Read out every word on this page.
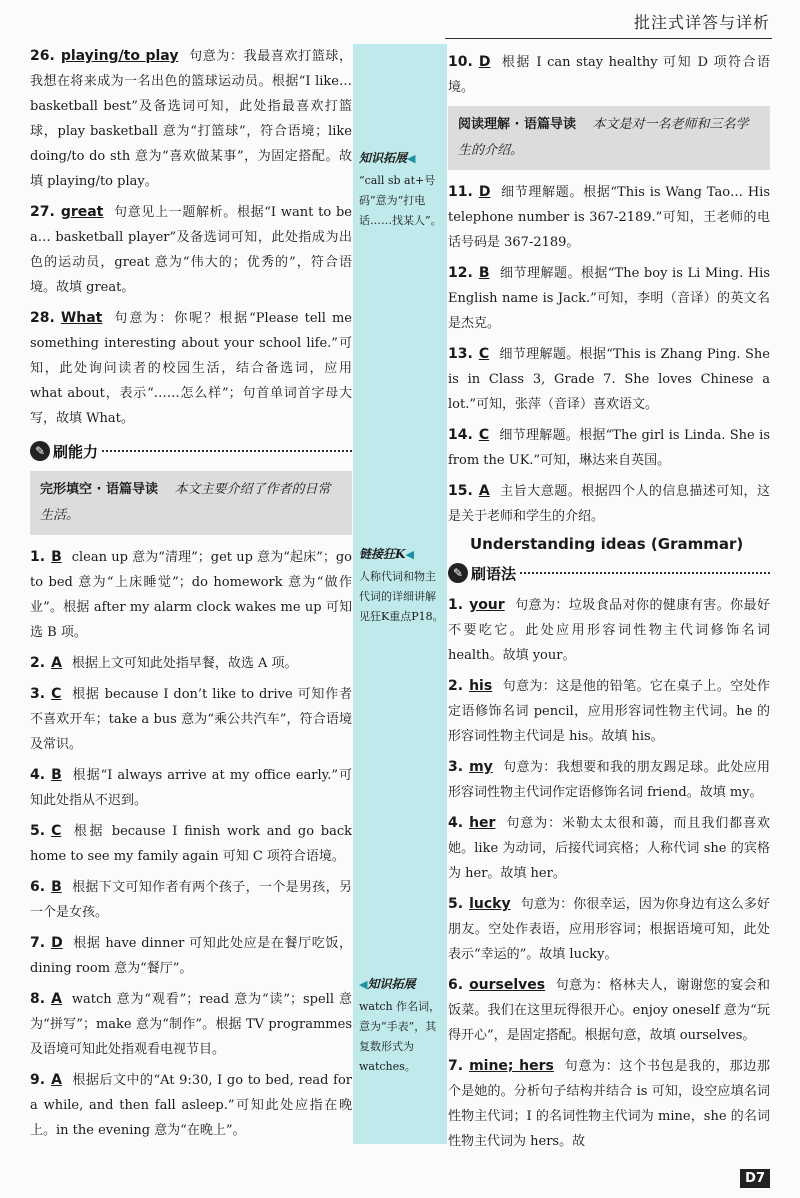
批注式详答与详析
26. playing/to play 句意为：我最喜欢打篮球，我想在将来成为一名出色的篮球运动员。根据“I like… basketball best”及备选词可知，此处指最喜欢打篮球，play basketball 意为“打篮球”，符合语境；like doing/to do sth 意为“喜欢做某事”，为固定搭配。故填 playing/to play。
27. great 句意见上一题解析。根据“I want to be a… basketball player”及备选词可知，此处指成为出色的运动员，great 意为“伟大的；优秀的”，符合语境。故填 great。
28. What 句意为：你呢？根据“Please tell me something interesting about your school life.”可知，此处询问读者的校园生活，结合备选词，应用 what about，表示“……怎么样”；句首单词首字母大写，故填 What。
✎ 刷能力
完形填空 · 语篇导读 本文主要介绍了作者的日常生活。
1. B clean up 意为“清理”；get up 意为“起床”；go to bed 意为“上床睡觉”；do homework 意为“做作业”。根据 after my alarm clock wakes me up 可知选 B 项。
2. A 根据上文可知此处指早餐，故选 A 项。
3. C 根据 because I don’t like to drive 可知作者不喜欢开车；take a bus 意为“乘公共汽车”，符合语境及常识。
4. B 根据“I always arrive at my office early.”可知此处指从不迟到。
5. C 根据 because I finish work and go back home to see my family again 可知 C 项符合语境。
6. B 根据下文可知作者有两个孩子，一个是男孩，另一个是女孩。
7. D 根据 have dinner 可知此处应是在餐厅吃饭，dining room 意为“餐厅”。
8. A watch 意为“观看”；read 意为“读”；spell 意为“拼写”；make 意为“制作”。根据 TV programmes 及语境可知此处指观看电视节目。
9. A 根据后文中的“At 9:30, I go to bed, read for a while, and then fall asleep.”可知此处应指在晚上。in the evening 意为“在晚上”。
知识拓展◀
“call sb at+号码”意为“打电话……找某人”。
链接狂K◀
人称代词和物主代词的详细讲解见狂K重点P18。
◀知识拓展
watch 作名词，意为“手表”，其复数形式为watches。
10. D 根据 I can stay healthy 可知 D 项符合语境。
阅读理解 · 语篇导读 本文是对一名老师和三名学生的介绍。
11. D 细节理解题。根据“This is Wang Tao… His telephone number is 367-2189.”可知，王老师的电话号码是 367-2189。
12. B 细节理解题。根据“The boy is Li Ming. His English name is Jack.”可知，李明（音译）的英文名是杰克。
13. C 细节理解题。根据“This is Zhang Ping. She is in Class 3, Grade 7. She loves Chinese a lot.”可知，张萍（音译）喜欢语文。
14. C 细节理解题。根据“The girl is Linda. She is from the UK.”可知，琳达来自英国。
15. A 主旨大意题。根据四个人的信息描述可知，这是关于老师和学生的介绍。
Understanding ideas (Grammar)
✎ 刷语法
1. your 句意为：垃圾食品对你的健康有害。你最好不要吃它。此处应用形容词性物主代词修饰名词 health。故填 your。
2. his 句意为：这是他的铅笔。它在桌子上。空处作定语修饰名词 pencil，应用形容词性物主代词。he 的形容词性物主代词是 his。故填 his。
3. my 句意为：我想要和我的朋友踢足球。此处应用形容词性物主代词作定语修饰名词 friend。故填 my。
4. her 句意为：米勒太太很和蔼，而且我们都喜欢她。like 为动词，后接代词宾格；人称代词 she 的宾格为 her。故填 her。
5. lucky 句意为：你很幸运，因为你身边有这么多好朋友。空处作表语，应用形容词；根据语境可知，此处表示“幸运的”。故填 lucky。
6. ourselves 句意为：格林夫人，谢谢您的宴会和饭菜。我们在这里玩得很开心。enjoy oneself 意为“玩得开心”，是固定搭配。根据句意，故填 ourselves。
7. mine; hers 句意为：这个书包是我的，那边那个是她的。分析句子结构并结合 is 可知，设空应填名词性物主代词；I 的名词性物主代词为 mine，she 的名词性物主代词为 hers。故
D7
